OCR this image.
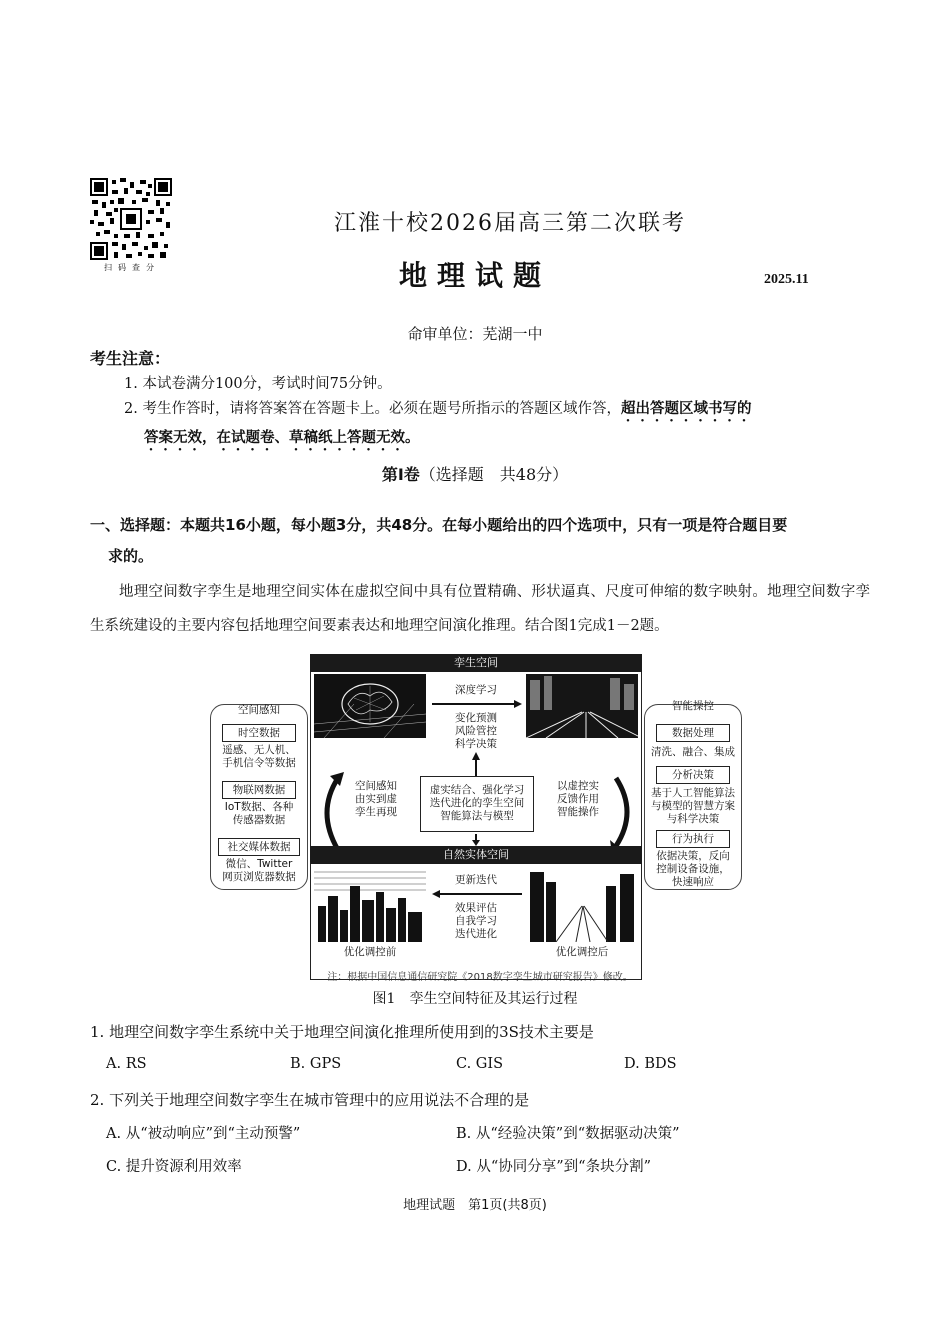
扫码查分
江淮十校2026届高三第二次联考
地理试题	2025.11
命审单位：芜湖一中
考生注意：
1. 本试卷满分100分，考试时间75分钟。
2. 考生作答时，请将答案答在答题卡上。必须在题号所指示的答题区域作答，超出答题区域书写的
答案无效，在试题卷、草稿纸上答题无效。
第Ⅰ卷（选择题　共48分）
一、选择题：本题共16小题，每小题3分，共48分。在每小题给出的四个选项中，只有一项是符合题目要
求的。
地理空间数字孪生是地理空间实体在虚拟空间中具有位置精确、形状逼真、尺度可伸缩的数字映射。地理空间数字孪生系统建设的主要内容包括地理空间要素表达和地理空间演化推理。结合图1完成1－2题。
空间感知
时空数据
遥感、无人机、
手机信令等数据
物联网数据
IoT数据、各种
传感器数据
社交媒体数据
微信、Twitter
网页浏览器数据
智能操控
数据处理
清洗、融合、集成
分析决策
基于人工智能算法
与模型的智慧方案
与科学决策
行为执行
依据决策，反向
控制设备设施，
快速响应
孪生空间
深度学习
变化预测
风险管控
科学决策
空间感知
由实到虚
孪生再现
虚实结合、强化学习
迭代进化的孪生空间
智能算法与模型
以虚控实
反馈作用
智能操作
自然实体空间
更新迭代
效果评估
自我学习
迭代进化
优化调控前	优化调控后
注：根据中国信息通信研究院《2018数字孪生城市研究报告》修改。
图1　孪生空间特征及其运行过程
1. 地理空间数字孪生系统中关于地理空间演化推理所使用到的3S技术主要是
A. RS	B. GPS	C. GIS	D. BDS
2. 下列关于地理空间数字孪生在城市管理中的应用说法不合理的是
A. 从“被动响应”到“主动预警”	B. 从“经验决策”到“数据驱动决策”
C. 提升资源利用效率	D. 从“协同分享”到“条块分割”
地理试题　第1页(共8页)
